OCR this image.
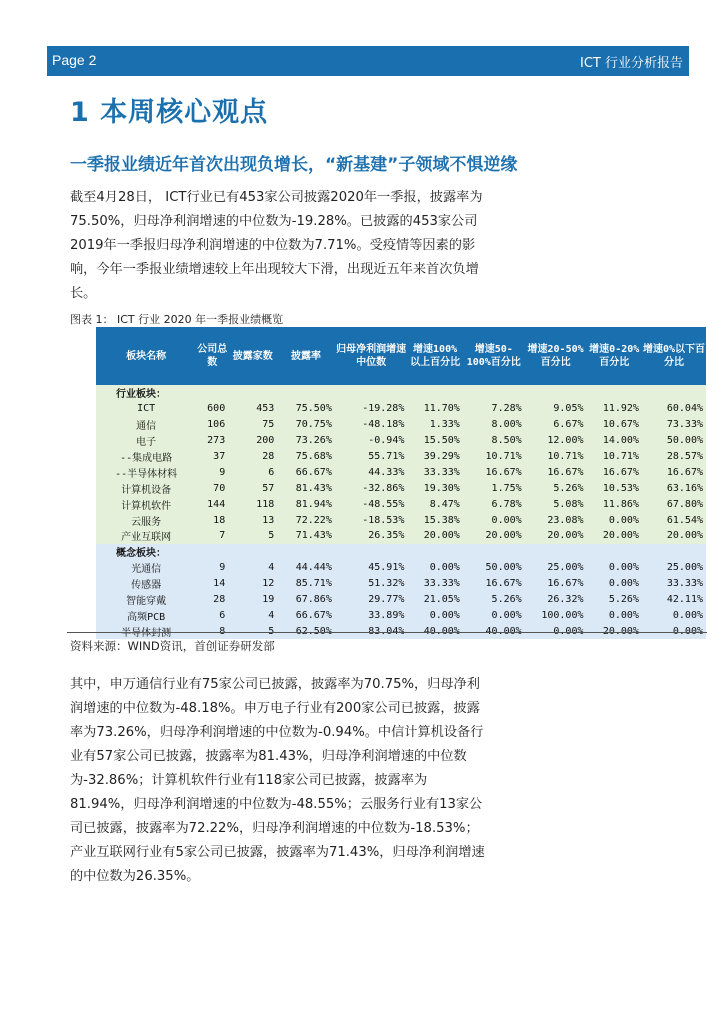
Page 2	ICT 行业分析报告
1 本周核心观点
一季报业绩近年首次出现负增长，“新基建”子领域不惧逆缘
截至4月28日， ICT行业已有453家公司披露2020年一季报，披露率为75.50%，归母净利润增速的中位数为-19.28%。已披露的453家公司2019年一季报归母净利润增速的中位数为7.71%。受疫情等因素的影响，今年一季报业绩增速较上年出现较大下滑，出现近五年来首次负增长。
图表 1： ICT 行业 2020 年一季报业绩概览
板块名称	公司总数	披露家数	披露率	归母净利润增速中位数	增速100%以上百分比	增速50-100%百分比	增速20-50%百分比	增速0-20%百分比	增速0%以下百分比
行业板块：									
ICT	600	453	75.50%	-19.28%	11.70%	7.28%	9.05%	11.92%	60.04%
通信	106	75	70.75%	-48.18%	1.33%	8.00%	6.67%	10.67%	73.33%
电子	273	200	73.26%	-0.94%	15.50%	8.50%	12.00%	14.00%	50.00%
--集成电路	37	28	75.68%	55.71%	39.29%	10.71%	10.71%	10.71%	28.57%
--半导体材料	9	6	66.67%	44.33%	33.33%	16.67%	16.67%	16.67%	16.67%
计算机设备	70	57	81.43%	-32.86%	19.30%	1.75%	5.26%	10.53%	63.16%
计算机软件	144	118	81.94%	-48.55%	8.47%	6.78%	5.08%	11.86%	67.80%
云服务	18	13	72.22%	-18.53%	15.38%	0.00%	23.08%	0.00%	61.54%
产业互联网	7	5	71.43%	26.35%	20.00%	20.00%	20.00%	20.00%	20.00%
概念板块：									
光通信	9	4	44.44%	45.91%	0.00%	50.00%	25.00%	0.00%	25.00%
传感器	14	12	85.71%	51.32%	33.33%	16.67%	16.67%	0.00%	33.33%
智能穿戴	28	19	67.86%	29.77%	21.05%	5.26%	26.32%	5.26%	42.11%
高频PCB	6	4	66.67%	33.89%	0.00%	0.00%	100.00%	0.00%	0.00%
半导体封测	8	5	62.50%	83.04%	40.00%	40.00%	0.00%	20.00%	0.00%
资料来源：WIND资讯，首创证券研发部
其中，申万通信行业有75家公司已披露，披露率为70.75%，归母净利润增速的中位数为-48.18%。申万电子行业有200家公司已披露，披露率为73.26%，归母净利润增速的中位数为-0.94%。中信计算机设备行业有57家公司已披露，披露率为81.43%，归母净利润增速的中位数为-32.86%；计算机软件行业有118家公司已披露，披露率为81.94%，归母净利润增速的中位数为-48.55%；云服务行业有13家公司已披露，披露率为72.22%，归母净利润增速的中位数为-18.53%；产业互联网行业有5家公司已披露，披露率为71.43%，归母净利润增速的中位数为26.35%。
